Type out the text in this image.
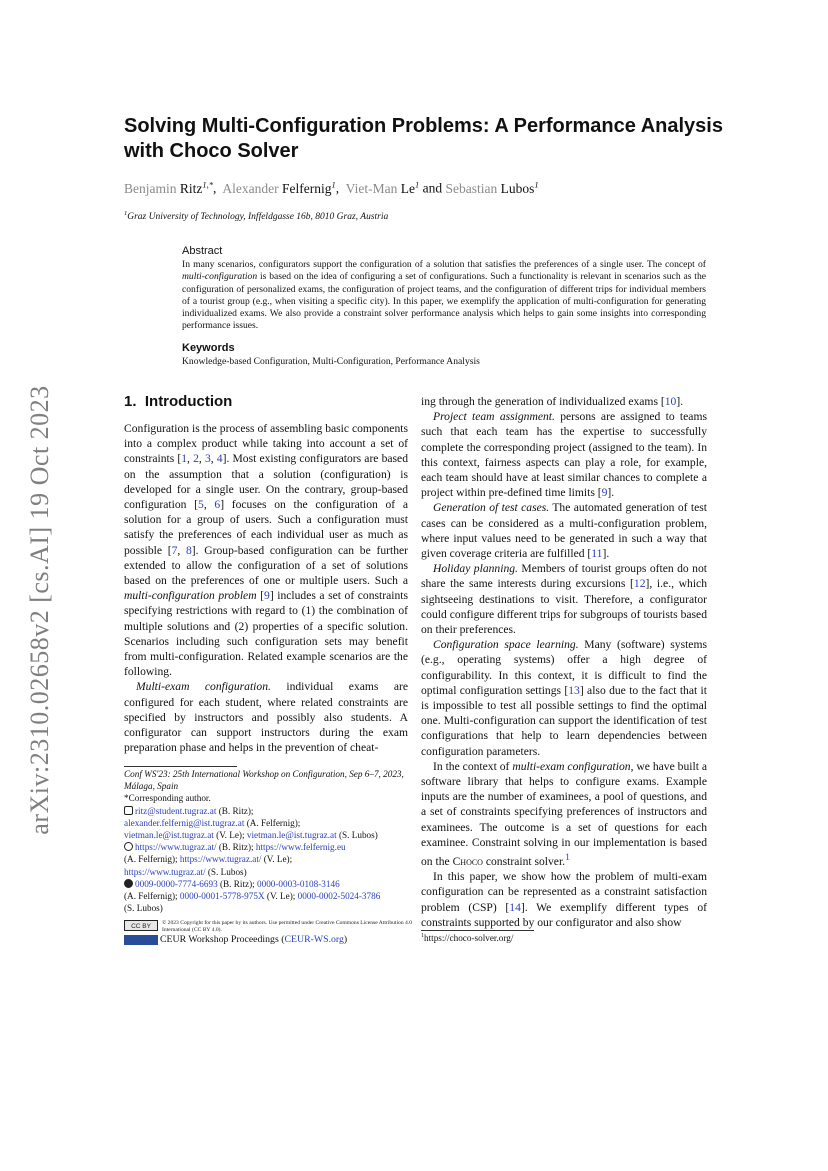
arXiv:2310.02658v2 [cs.AI] 19 Oct 2023
Solving Multi-Configuration Problems: A Performance Analysis with Choco Solver
Benjamin Ritz$^{1,*}$, Alexander Felfernig$^1$, Viet-Man Le$^1$ and Sebastian Lubos$^1$
$^1$Graz University of Technology, Inffeldgasse 16b, 8010 Graz, Austria
Abstract

In many scenarios, configurators support the configuration of a solution that satisfies the preferences of a single user. The concept of multi-configuration is based on the idea of configuring a set of configurations. Such a functionality is relevant in scenarios such as the configuration of personalized exams, the configuration of project teams, and the configuration of different trips for individual members of a tourist group (e.g., when visiting a specific city). In this paper, we exemplify the application of multi-configuration for generating individualized exams. We also provide a constraint solver performance analysis which helps to gain some insights into corresponding performance issues.

Keywords

Knowledge-based Configuration, Multi-Configuration, Performance Analysis

1. Introduction

Configuration is the process of assembling basic components into a complex product while taking into account a set of constraints [1, 2, 3, 4]. Most existing configurators are based on the assumption that a solution (configuration) is developed for a single user. On the contrary, group-based configuration [5, 6] focuses on the configuration of a solution for a group of users. Such a configuration must satisfy the preferences of each individual user as much as possible [7, 8]. Group-based configuration can be further extended to allow the configuration of a set of solutions based on the preferences of one or multiple users. Such a multi-configuration problem [9] includes a set of constraints specifying restrictions with regard to (1) the combination of multiple solutions and (2) properties of a specific solution. Scenarios including such configuration sets may benefit from multi-configuration. Related example scenarios are the following.

Multi-exam configuration. individual exams are configured for each student, where related constraints are specified by instructors and possibly also students. A configurator can support instructors during the exam preparation phase and helps in the prevention of cheat-

Conf WS'23: 25th International Workshop on Configuration, Sep 6–7, 2023, Málaga, Spain

*Corresponding author.

ritz@student.tugraz.at (B. Ritz);

alexander.felfernig@ist.tugraz.at (A. Felfernig);

vietman.le@ist.tugraz.at (V. Le); vietman.le@ist.tugraz.at (S. Lubos)

https://www.tugraz.at/ (B. Ritz); https://www.felfernig.eu

(A. Felfernig); https://www.tugraz.at/ (V. Le);

https://www.tugraz.at/ (S. Lubos)

0009-0000-7774-6693 (B. Ritz); 0000-0003-0108-3146

(A. Felfernig); 0000-0001-5778-975X (V. Le); 0000-0002-5024-3786

(S. Lubos)

CC BY © 2023 Copyright for this paper by its authors. Use permitted under Creative Commons License Attribution 4.0 International (CC BY 4.0).
CEUR Workshop Proceedings (CEUR-WS.org)

ing through the generation of individualized exams [10].

Project team assignment. persons are assigned to teams such that each team has the expertise to successfully complete the corresponding project (assigned to the team). In this context, fairness aspects can play a role, for example, each team should have at least similar chances to complete a project within pre-defined time limits [9].

Generation of test cases. The automated generation of test cases can be considered as a multi-configuration problem, where input values need to be generated in such a way that given coverage criteria are fulfilled [11].

Holiday planning. Members of tourist groups often do not share the same interests during excursions [12], i.e., which sightseeing destinations to visit. Therefore, a configurator could configure different trips for subgroups of tourists based on their preferences.

Configuration space learning. Many (software) systems (e.g., operating systems) offer a high degree of configurability. In this context, it is difficult to find the optimal configuration settings [13] also due to the fact that it is impossible to test all possible settings to find the optimal one. Multi-configuration can support the identification of test configurations that help to learn dependencies between configuration parameters.

In the context of multi-exam configuration, we have built a software library that helps to configure exams. Example inputs are the number of examinees, a pool of questions, and a set of constraints specifying preferences of instructors and examinees. The outcome is a set of questions for each examinee. Constraint solving in our implementation is based on the Choco constraint solver.$^1$

In this paper, we show how the problem of multi-exam configuration can be represented as a constraint satisfaction problem (CSP) [14]. We exemplify different types of constraints supported by our configurator and also show

$^1$https://choco-solver.org/
